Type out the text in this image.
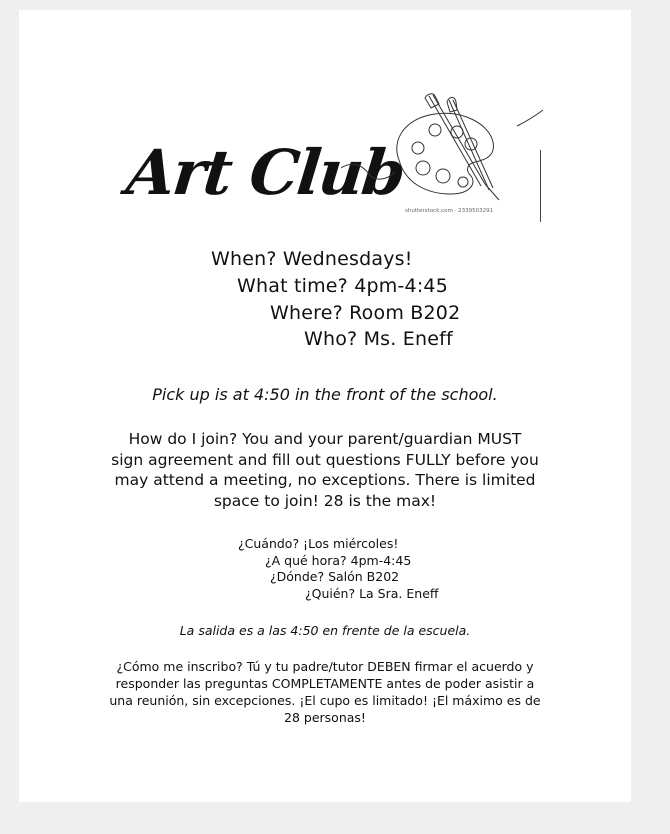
Art Club
shutterstock.com · 2339503291
When? Wednesdays!
What time? 4pm-4:45
Where? Room B202
Who? Ms. Eneff
Pick up is at 4:50 in the front of the school.
How do I join? You and your parent/guardian MUST
sign agreement and fill out questions FULLY before you
may attend a meeting, no exceptions. There is limited
space to join! 28 is the max!
¿Cuándo? ¡Los miércoles!
¿A qué hora? 4pm-4:45
¿Dónde? Salón B202
¿Quién? La Sra. Eneff
La salida es a las 4:50 en frente de la escuela.
¿Cómo me inscribo? Tú y tu padre/tutor DEBEN firmar el acuerdo y
responder las preguntas COMPLETAMENTE antes de poder asistir a
una reunión, sin excepciones. ¡El cupo es limitado! ¡El máximo es de
28 personas!
